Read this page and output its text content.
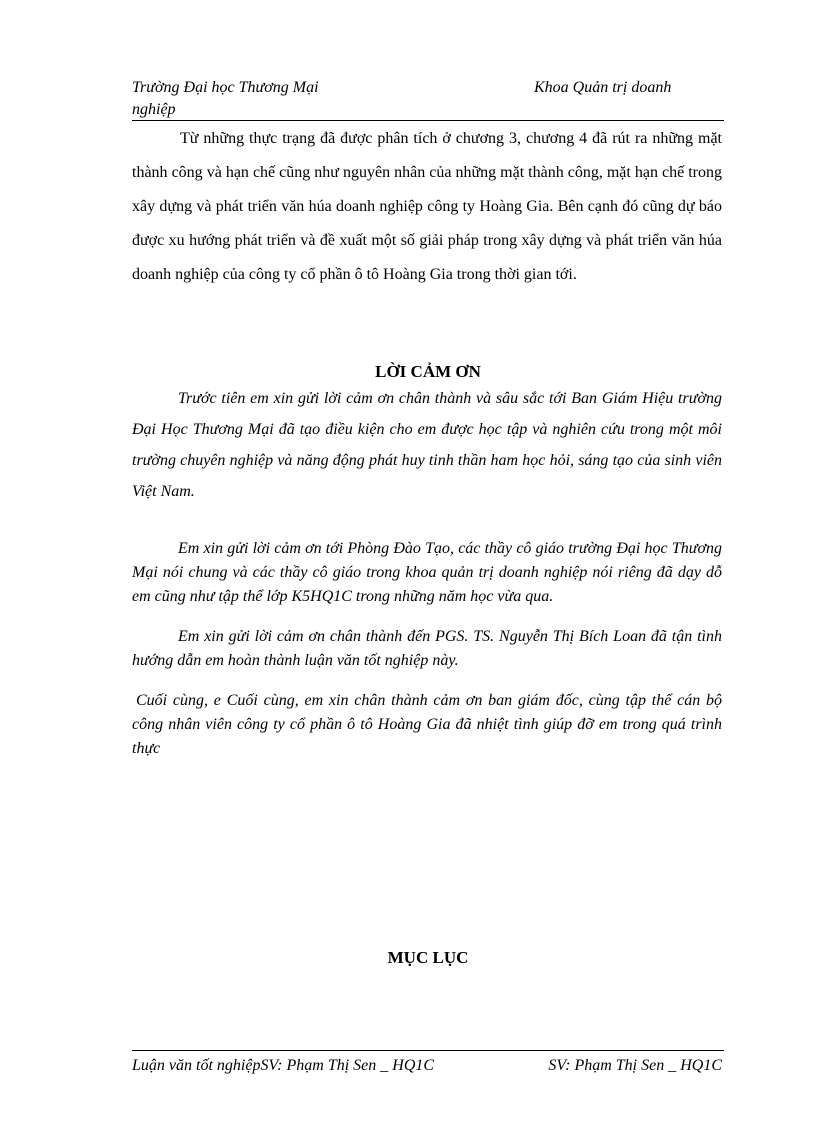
Trường Đại học Thương Mại	Khoa Quản trị doanh
nghiệp

Từ những thực trạng đã được phân tích ở chương 3, chương 4 đã rút ra những mặt thành công và hạn chế cũng như nguyên nhân của những mặt thành công, mặt hạn chế trong xây dựng và phát triển văn húa doanh nghiệp công ty Hoàng Gia. Bên cạnh đó cũng dự báo được xu hướng phát triển và đề xuất một số giải pháp trong xây dựng và phát triển văn húa doanh nghiệp của công ty cổ phần ô tô Hoàng Gia trong thời gian tới.

LỜI CẢM ƠN

Trước tiên em xin gửi lời cảm ơn chân thành và sâu sắc tới Ban Giám Hiệu trường Đại Học Thương Mại đã tạo điều kiện cho em được học tập và nghiên cứu trong một môi trường chuyên nghiệp và năng động phát huy tinh thần ham học hỏi, sáng tạo của sinh viên Việt Nam.

Em xin gửi lời cảm ơn tới Phòng Đào Tạo, các thầy cô giáo trường Đại học Thương Mại nói chung và các thầy cô giáo trong khoa quản trị doanh nghiệp nói riêng đã dạy dỗ em cũng như tập thể lớp K5HQ1C trong những năm học vừa qua.

Em xin gửi lời cảm ơn chân thành đến PGS. TS. Nguyễn Thị Bích Loan đã tận tình hướng dẫn em hoàn thành luận văn tốt nghiệp này.

Cuối cùng, e Cuối cùng, em xin chân thành cảm ơn ban giám đốc, cùng tập thể cán bộ công nhân viên công ty cổ phần ô tô Hoàng Gia đã nhiệt tình giúp đỡ em trong quá trình thực

MỤC LỤC
Luận văn tốt nghiệpSV: Phạm Thị Sen _ HQ1C	SV: Phạm Thị Sen _ HQ1C
